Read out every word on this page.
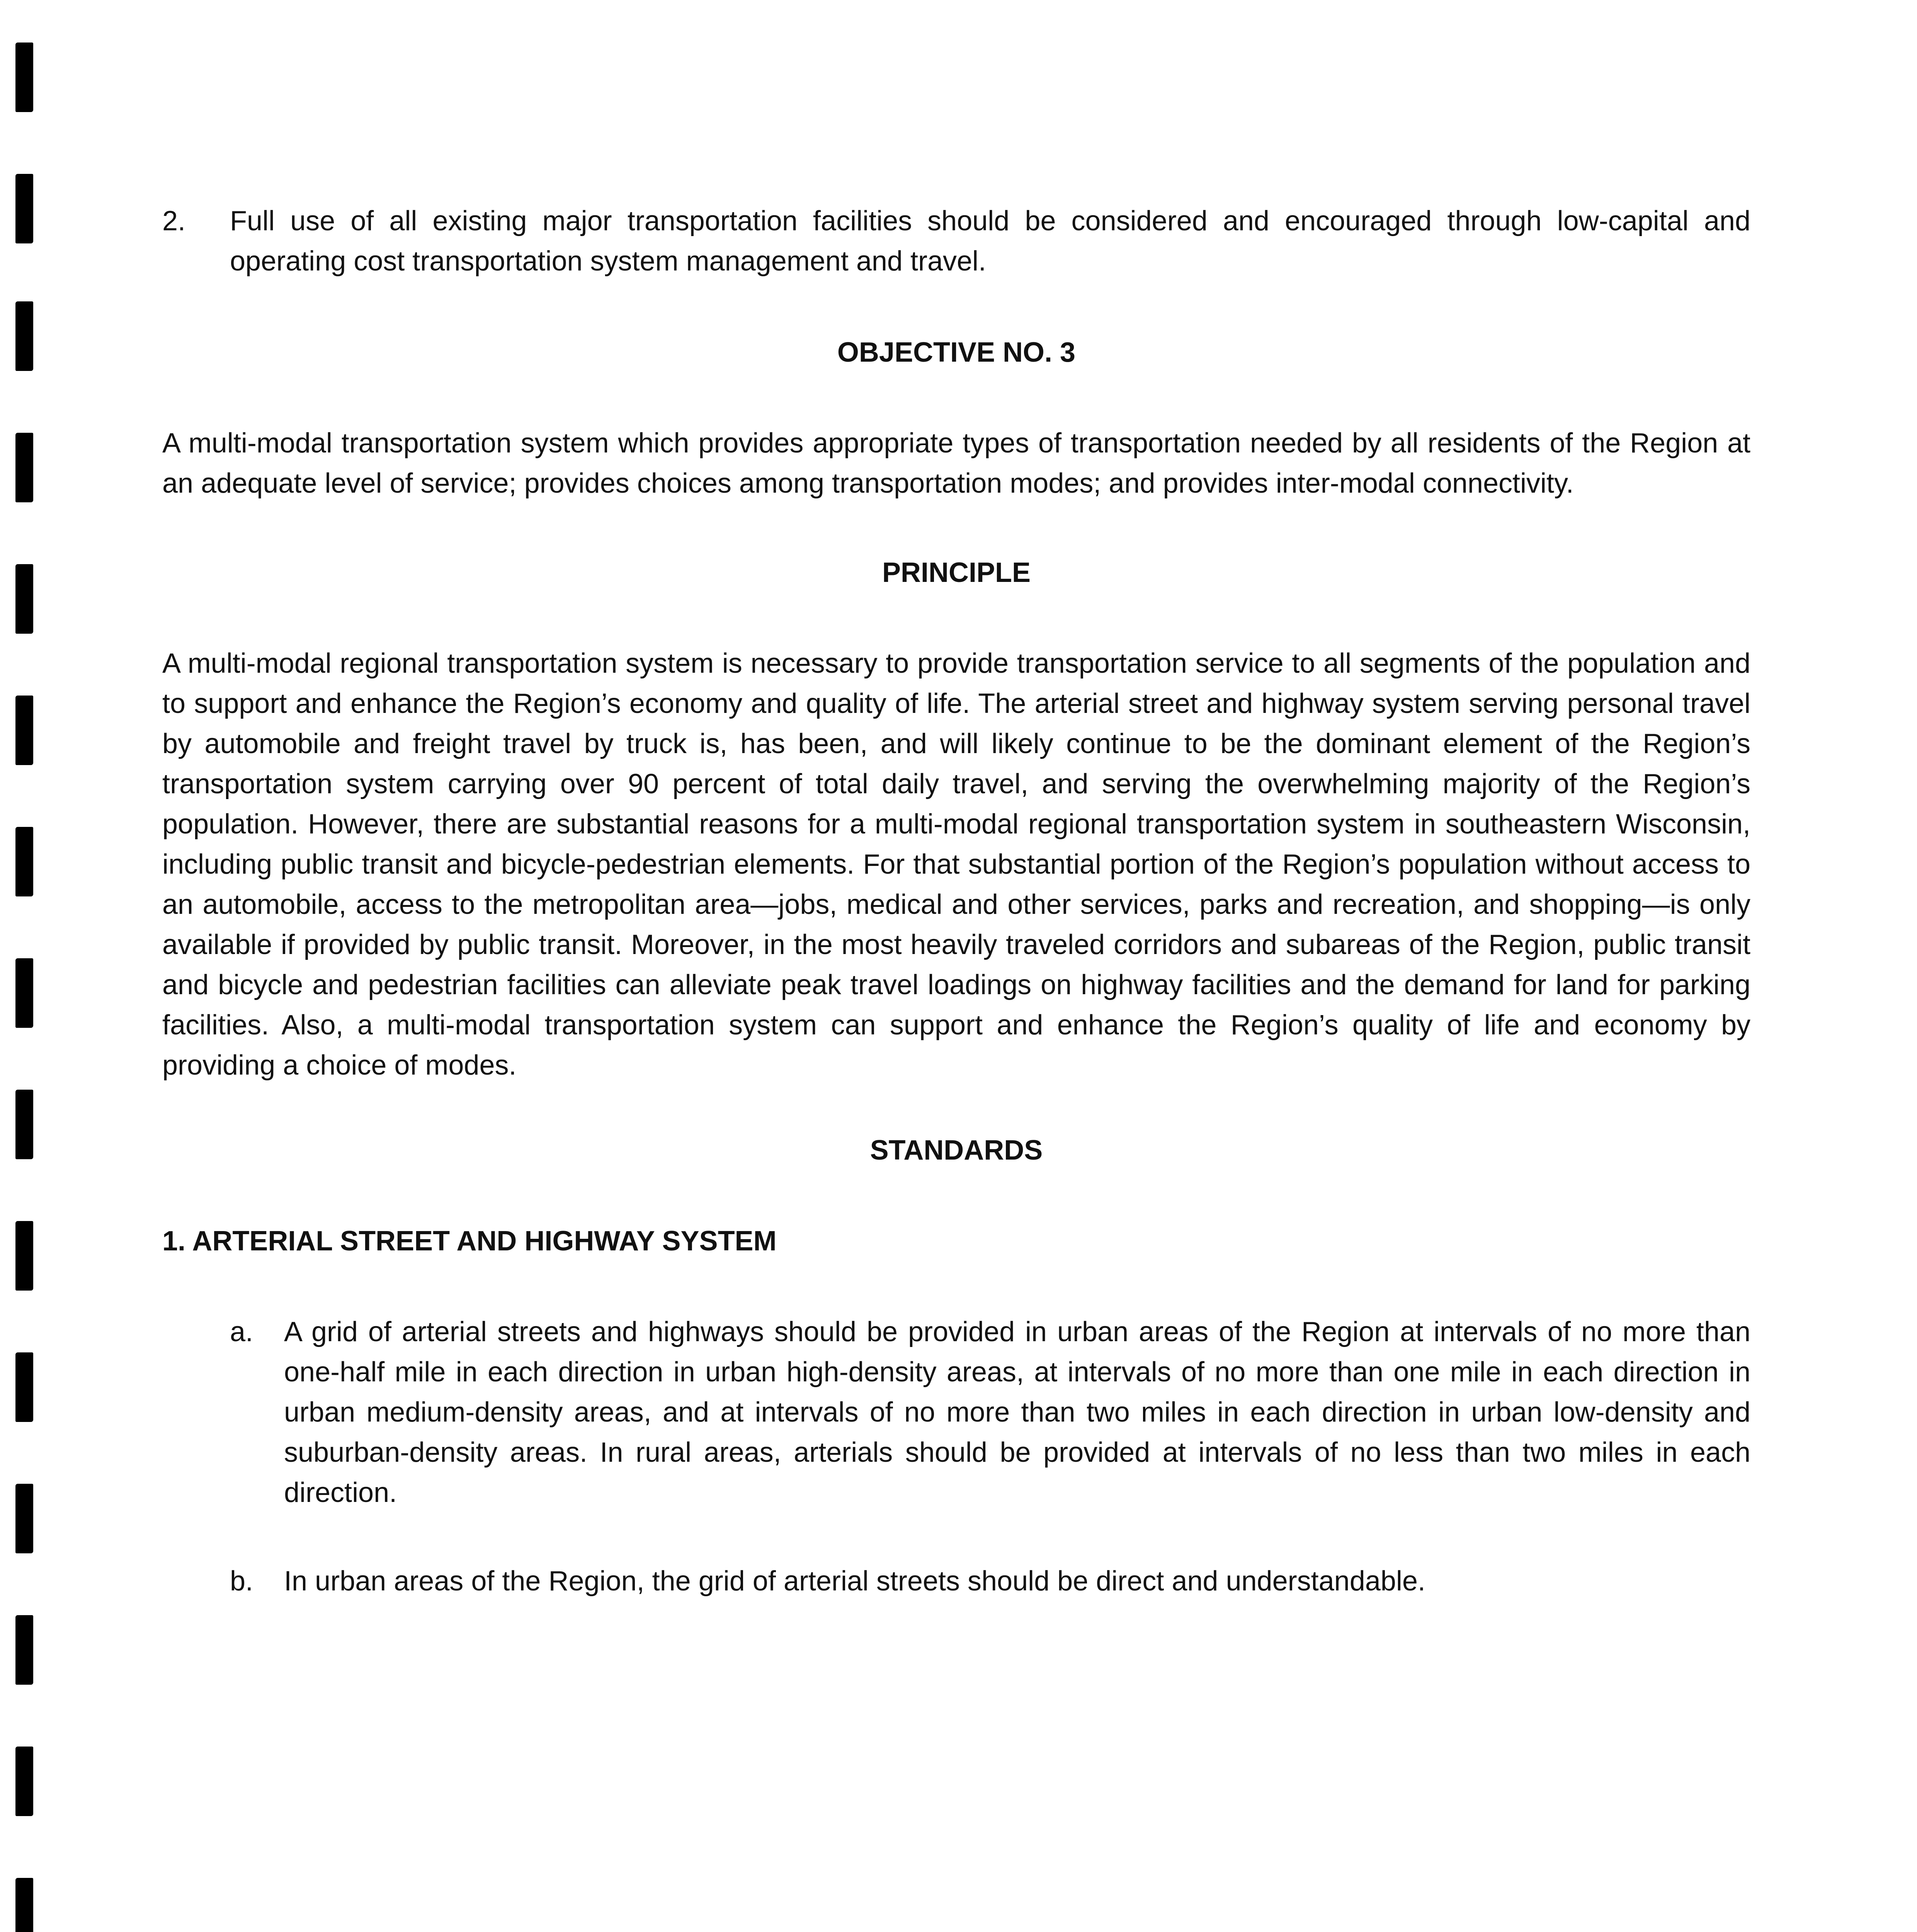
2. Full use of all existing major transportation facilities should be considered and encouraged through low-capital and operating cost transportation system management and travel.

OBJECTIVE NO. 3

A multi-modal transportation system which provides appropriate types of transportation needed by all residents of the Region at an adequate level of service; provides choices among transportation modes; and provides inter-modal connectivity.

PRINCIPLE

A multi-modal regional transportation system is necessary to provide transportation service to all segments of the population and to support and enhance the Region’s economy and quality of life. The arterial street and highway system serving personal travel by automobile and freight travel by truck is, has been, and will likely continue to be the dominant element of the Region’s transportation system carrying over 90 percent of total daily travel, and serving the overwhelming majority of the Region’s population. However, there are substantial reasons for a multi-modal regional transportation system in southeastern Wisconsin, including public transit and bicycle-pedestrian elements. For that substantial portion of the Region’s population without access to an automobile, access to the metropolitan area—jobs, medical and other services, parks and recreation, and shopping—is only available if provided by public transit. Moreover, in the most heavily traveled corridors and subareas of the Region, public transit and bicycle and pedestrian facilities can alleviate peak travel loadings on highway facilities and the demand for land for parking facilities. Also, a multi-modal transportation system can support and enhance the Region’s quality of life and economy by providing a choice of modes.

STANDARDS
1. ARTERIAL STREET AND HIGHWAY SYSTEM
a. A grid of arterial streets and highways should be provided in urban areas of the Region at intervals of no more than one-half mile in each direction in urban high-density areas, at intervals of no more than one mile in each direction in urban medium-density areas, and at intervals of no more than two miles in each direction in urban low-density and suburban-density areas. In rural areas, arterials should be provided at intervals of no less than two miles in each direction.

b. In urban areas of the Region, the grid of arterial streets should be direct and understandable.
